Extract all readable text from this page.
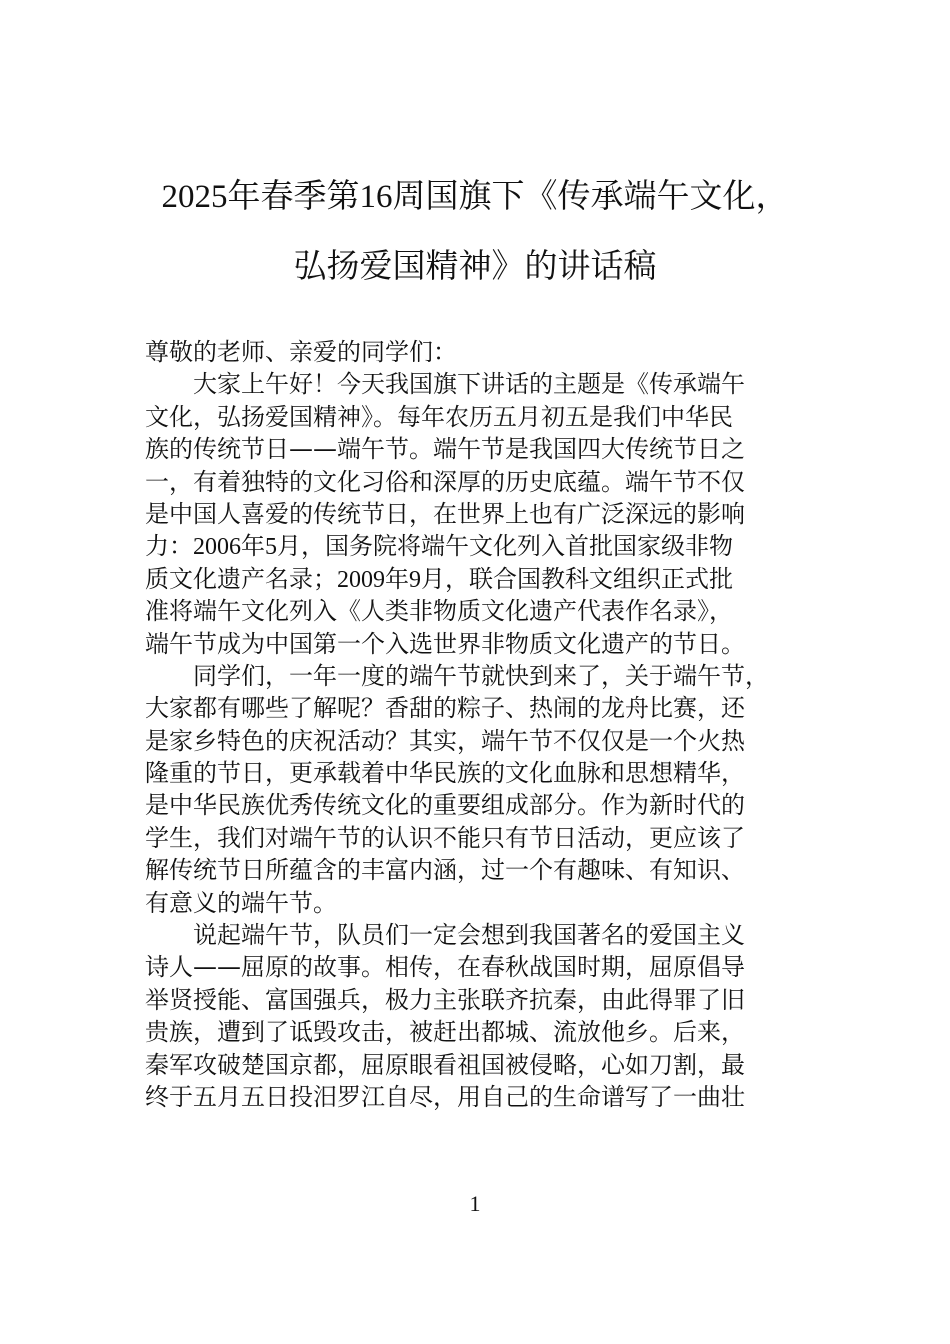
2025年春季第16周国旗下《传承端午文化，
弘扬爱国精神》的讲话稿
尊敬的老师、亲爱的同学们：
大家上午好！今天我国旗下讲话的主题是《传承端午
文化，弘扬爱国精神》。每年农历五月初五是我们中华民
族的传统节日——端午节。端午节是我国四大传统节日之
一，有着独特的文化习俗和深厚的历史底蕴。端午节不仅
是中国人喜爱的传统节日，在世界上也有广泛深远的影响
力：2006年5月，国务院将端午文化列入首批国家级非物
质文化遗产名录；2009年9月，联合国教科文组织正式批
准将端午文化列入《人类非物质文化遗产代表作名录》，
端午节成为中国第一个入选世界非物质文化遗产的节日。
同学们，一年一度的端午节就快到来了，关于端午节，
大家都有哪些了解呢？香甜的粽子、热闹的龙舟比赛，还
是家乡特色的庆祝活动？其实，端午节不仅仅是一个火热
隆重的节日，更承载着中华民族的文化血脉和思想精华，
是中华民族优秀传统文化的重要组成部分。作为新时代的
学生，我们对端午节的认识不能只有节日活动，更应该了
解传统节日所蕴含的丰富内涵，过一个有趣味、有知识、
有意义的端午节。
说起端午节，队员们一定会想到我国著名的爱国主义
诗人——屈原的故事。相传，在春秋战国时期，屈原倡导
举贤授能、富国强兵，极力主张联齐抗秦，由此得罪了旧
贵族，遭到了诋毁攻击，被赶出都城、流放他乡。后来，
秦军攻破楚国京都，屈原眼看祖国被侵略，心如刀割，最
终于五月五日投汨罗江自尽，用自己的生命谱写了一曲壮
1
